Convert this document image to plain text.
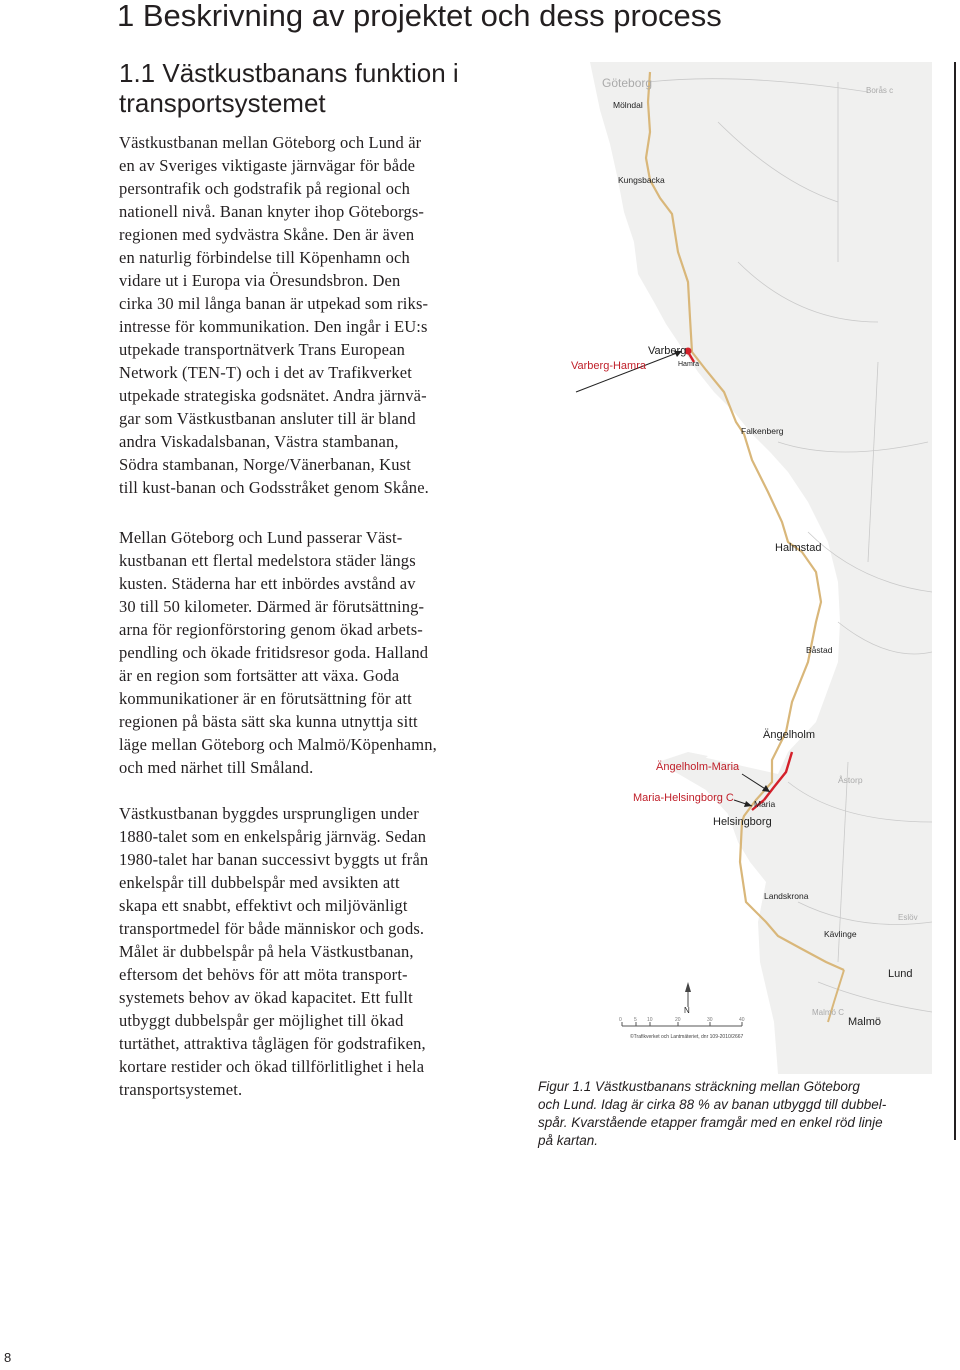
1 Beskrivning av projektet och dess process
1.1 Västkustbanans funktion i transportsystemet

Västkustbanan mellan Göteborg och Lund är
en av Sveriges viktigaste järnvägar för både
persontrafik och godstrafik på regional och
nationell nivå. Banan knyter ihop Göteborgs-
regionen med sydvästra Skåne. Den är även
en naturlig förbindelse till Köpenhamn och
vidare ut i Europa via Öresundsbron. Den
cirka 30 mil långa banan är utpekad som riks-
intresse för kommunikation. Den ingår i EU:s
utpekade transportnätverk Trans European
Network (TEN-T) och i det av Trafikverket
utpekade strategiska godsnätet. Andra järnvä-
gar som Västkustbanan ansluter till är bland
andra Viskadalsbanan, Västra stambanan,
Södra stambanan, Norge/Vänerbanan, Kust
till kust-banan och Godsstråket genom Skåne.

Mellan Göteborg och Lund passerar Väst-
kustbanan ett flertal medelstora städer längs
kusten. Städerna har ett inbördes avstånd av
30 till 50 kilometer. Därmed är förutsättning-
arna för regionförstoring genom ökad arbets-
pendling och ökade fritidsresor goda. Halland
är en region som fortsätter att växa. Goda
kommunikationer är en förutsättning för att
regionen på bästa sätt ska kunna utnyttja sitt
läge mellan Göteborg och Malmö/Köpenhamn,
och med närhet till Småland.

Västkustbanan byggdes ursprungligen under
1880-talet som en enkelspårig järnväg. Sedan
1980-talet har banan successivt byggts ut från
enkelspår till dubbelspår med avsikten att
skapa ett snabbt, effektivt och miljövänligt
transportmedel för både människor och gods.
Målet är dubbelspår på hela Västkustbanan,
eftersom det behövs för att möta transport-
systemets behov av ökad kapacitet. Ett fullt
utbyggt dubbelspår ger möjlighet till ökad
turtäthet, attraktiva tåglägen för godstrafiken,
kortare restider och ökad tillförlitlighet i hela
transportsystemet.

Göteborg
Borås c
Mölndal
Kungsbacka
Varberg
Hamra
Varberg-Hamra
Falkenberg
Halmstad
Båstad
Ängelholm
Åstorp
Ängelholm-Maria
Maria-Helsingborg C Maria
Helsingborg
Landskrona
Eslöv
Kävlinge
Lund
Malmö C
Malmö
N
0 5 10	20	30	40
©Trafikverket och Lantmäteriet, dnr 109-2010/2667
Figur 1.1 Västkustbanans sträckning mellan Göteborg
och Lund. Idag är cirka 88 % av banan utbyggd till dubbel-
spår. Kvarstående etapper framgår med en enkel röd linje
på kartan.
8
